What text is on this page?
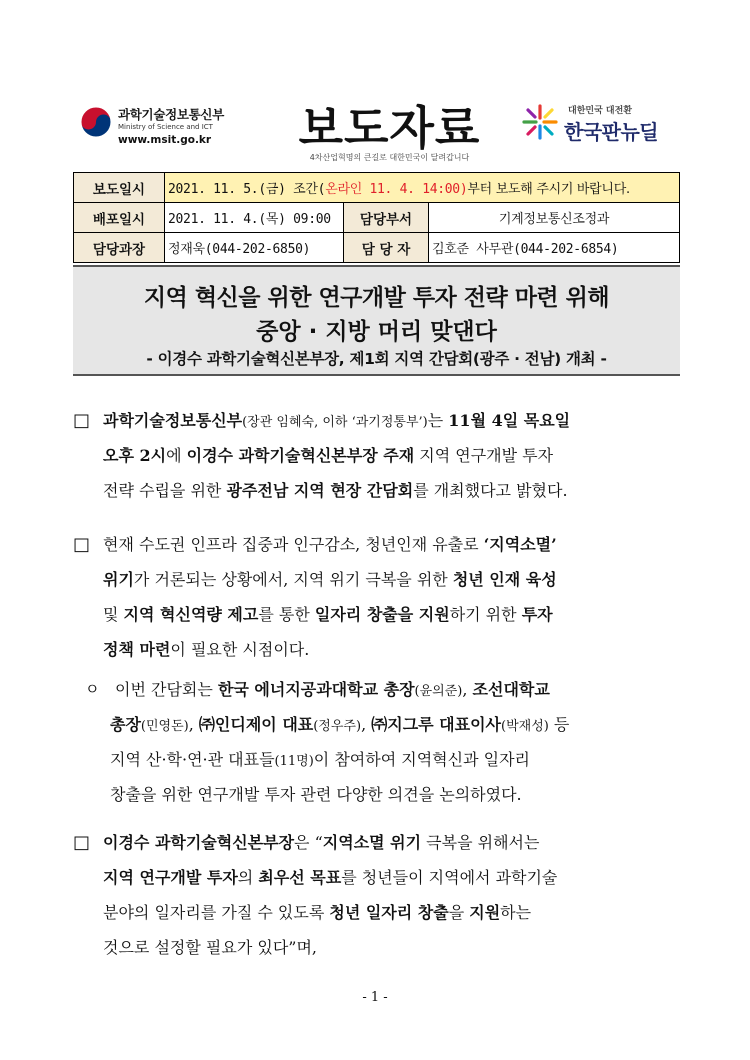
과학기술정보통신부
Ministry of Science and ICT
www.msit.go.kr 보도자료
4차산업혁명의 큰길로 대한민국이 달려갑니다
대한민국 대전환
한국판뉴딜
보도일시	2021. 11. 5.(금) 조간(온라인 11. 4. 14:00)부터 보도해 주시기 바랍니다.		
배포일시	2021. 11. 4.(목) 09:00	담당부서	기계정보통신조정과
담당과장	정재욱(044-202-6850)	담 당 자	김호준 사무관(044-202-6854)
지역 혁신을 위한 연구개발 투자 전략 마련 위해
중앙 · 지방 머리 맞댄다
- 이경수 과학기술혁신본부장, 제1회 지역 간담회(광주 · 전남) 개최 -
□ 과학기술정보통신부(장관 임혜숙, 이하 ‘과기정통부’)는 11월 4일 목요일
오후 2시에 이경수 과학기술혁신본부장 주재 지역 연구개발 투자
전략 수립을 위한 광주전남 지역 현장 간담회를 개최했다고 밝혔다.
□ 현재 수도권 인프라 집중과 인구감소, 청년인재 유출로 ‘지역소멸’
위기가 거론되는 상황에서, 지역 위기 극복을 위한 청년 인재 육성
및 지역 혁신역량 제고를 통한 일자리 창출을 지원하기 위한 투자
정책 마련이 필요한 시점이다.
ㅇ 이번 간담회는 한국 에너지공과대학교 총장(윤의준), 조선대학교
총장(민영돈), ㈜인디제이 대표(정우주), ㈜지그루 대표이사(박재성) 등
지역 산·학·연·관 대표들(11명)이 참여하여 지역혁신과 일자리
창출을 위한 연구개발 투자 관련 다양한 의견을 논의하였다.
□ 이경수 과학기술혁신본부장은 “지역소멸 위기 극복을 위해서는
지역 연구개발 투자의 최우선 목표를 청년들이 지역에서 과학기술
분야의 일자리를 가질 수 있도록 청년 일자리 창출을 지원하는
것으로 설정할 필요가 있다”며,
- 1 -
